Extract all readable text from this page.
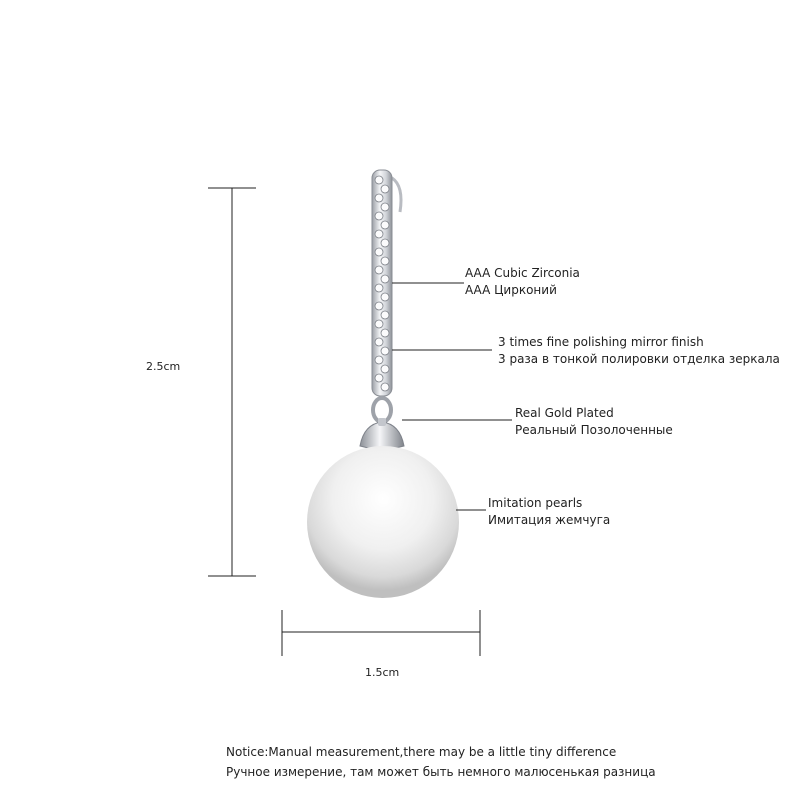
2.5cm
1.5cm
AAA Cubic Zirconia
AAA Цирконий
3 times fine polishing mirror finish
3 раза в тонкой полировки отделка зеркала
Real Gold Plated
Реальный Позолоченные
Imitation pearls
Имитация жемчуга
Notice:Manual measurement,there may be a little tiny difference
Ручное измерение, там может быть немного малюсенькая разница
